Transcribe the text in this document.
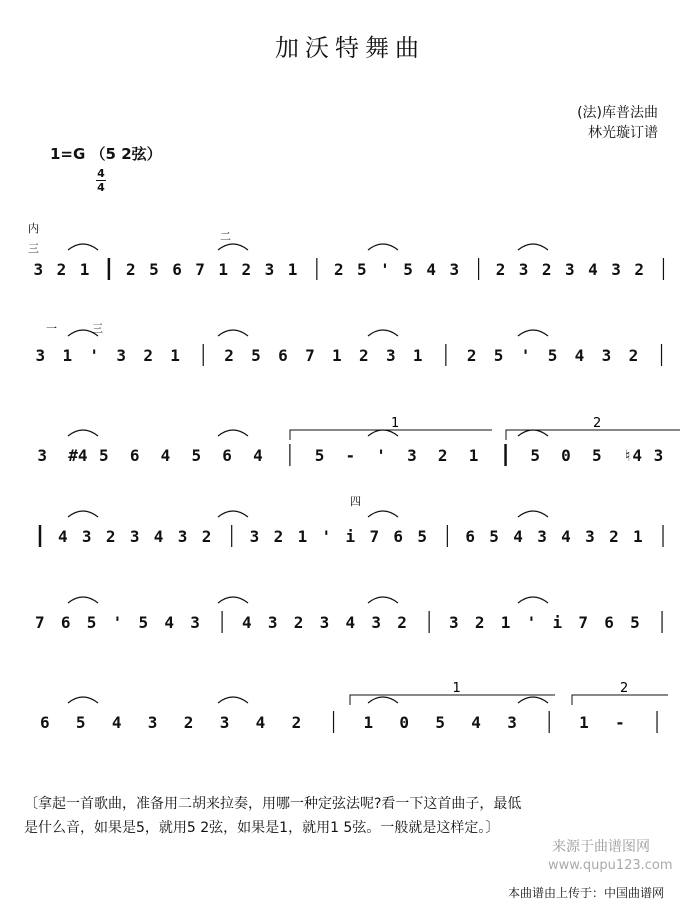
加沃特舞曲
(法)库普法曲
林光璇订谱
1=G （5 2弦）
4
4
3 2 1 2 5 6 7 1 2 3 1 2 5 ' 5 4 3 2 3 2 3 4 3 2
3 1 ' 3 2 1	2 5 6 7 1 2 3 1	2 5 ' 5 4 3 2
3 #4 5 6 4 5 6 4	5 - ' 3 2 1	5 0 5 ♮4 3
4 3 2 3 4 3 2 3 2 1 ' i 7 6 5 6 5 4 3 4 3 2 1
7 6 5 ' 5 4 3	4 3 2 3 4 3 2	3 2 1 ' i 7 6 5
6 5 4 3 2 3 4 2	1 0 5 4 3	1 -
1	2
1	2
内
三
一	三
二
四
〔拿起一首歌曲，准备用二胡来拉奏，用哪一种定弦法呢?看一下这首曲子，最低
是什么音，如果是5，就用5 2弦，如果是1，就用1 5弦。一般就是这样定。〕
来源于曲谱图网
www.qupu123.com
本曲谱由上传于：中国曲谱网
